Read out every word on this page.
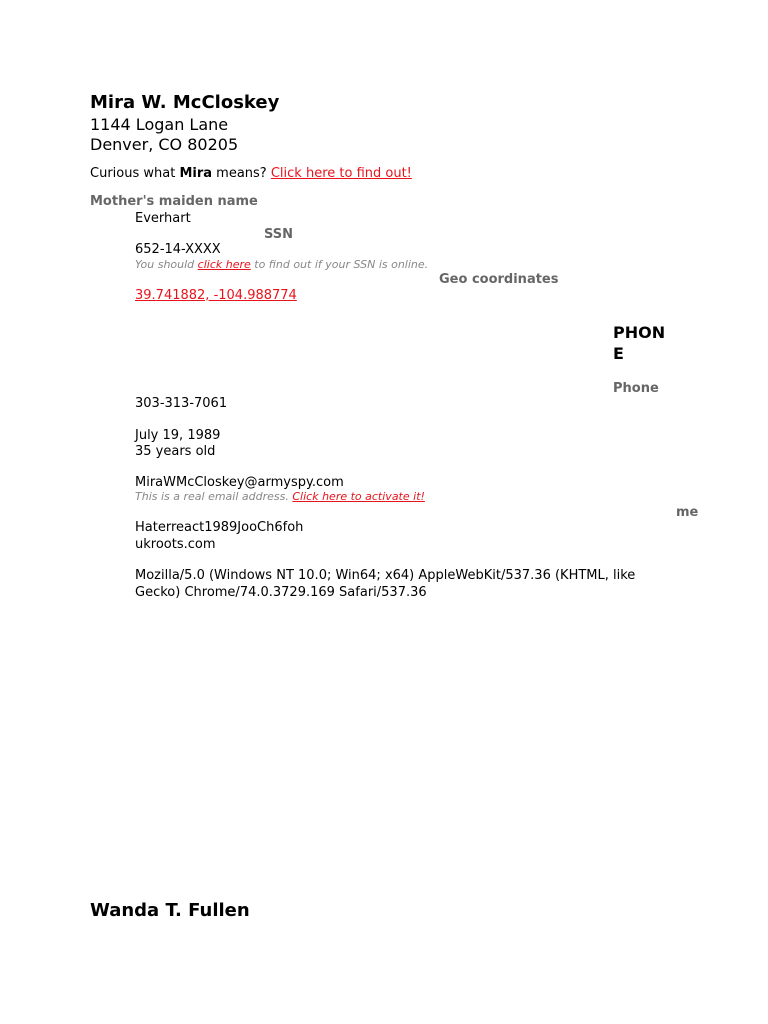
Mira W. McCloskey
1144 Logan Lane
Denver, CO 80205
Curious what Mira means? Click here to find out!
Mother's maiden name
Everhart
SSN
652-14-XXXX
You should click here to find out if your SSN is online.
Geo coordinates
39.741882, -104.988774
PHON
E
Phone
303-313-7061
July 19, 1989
35 years old
MiraWMcCloskey@armyspy.com
This is a real email address. Click here to activate it!
me
Haterreact1989JooCh6foh
ukroots.com
Mozilla/5.0 (Windows NT 10.0; Win64; x64) AppleWebKit/537.36 (KHTML, like Gecko) Chrome/74.0.3729.169 Safari/537.36
Wanda T. Fullen
